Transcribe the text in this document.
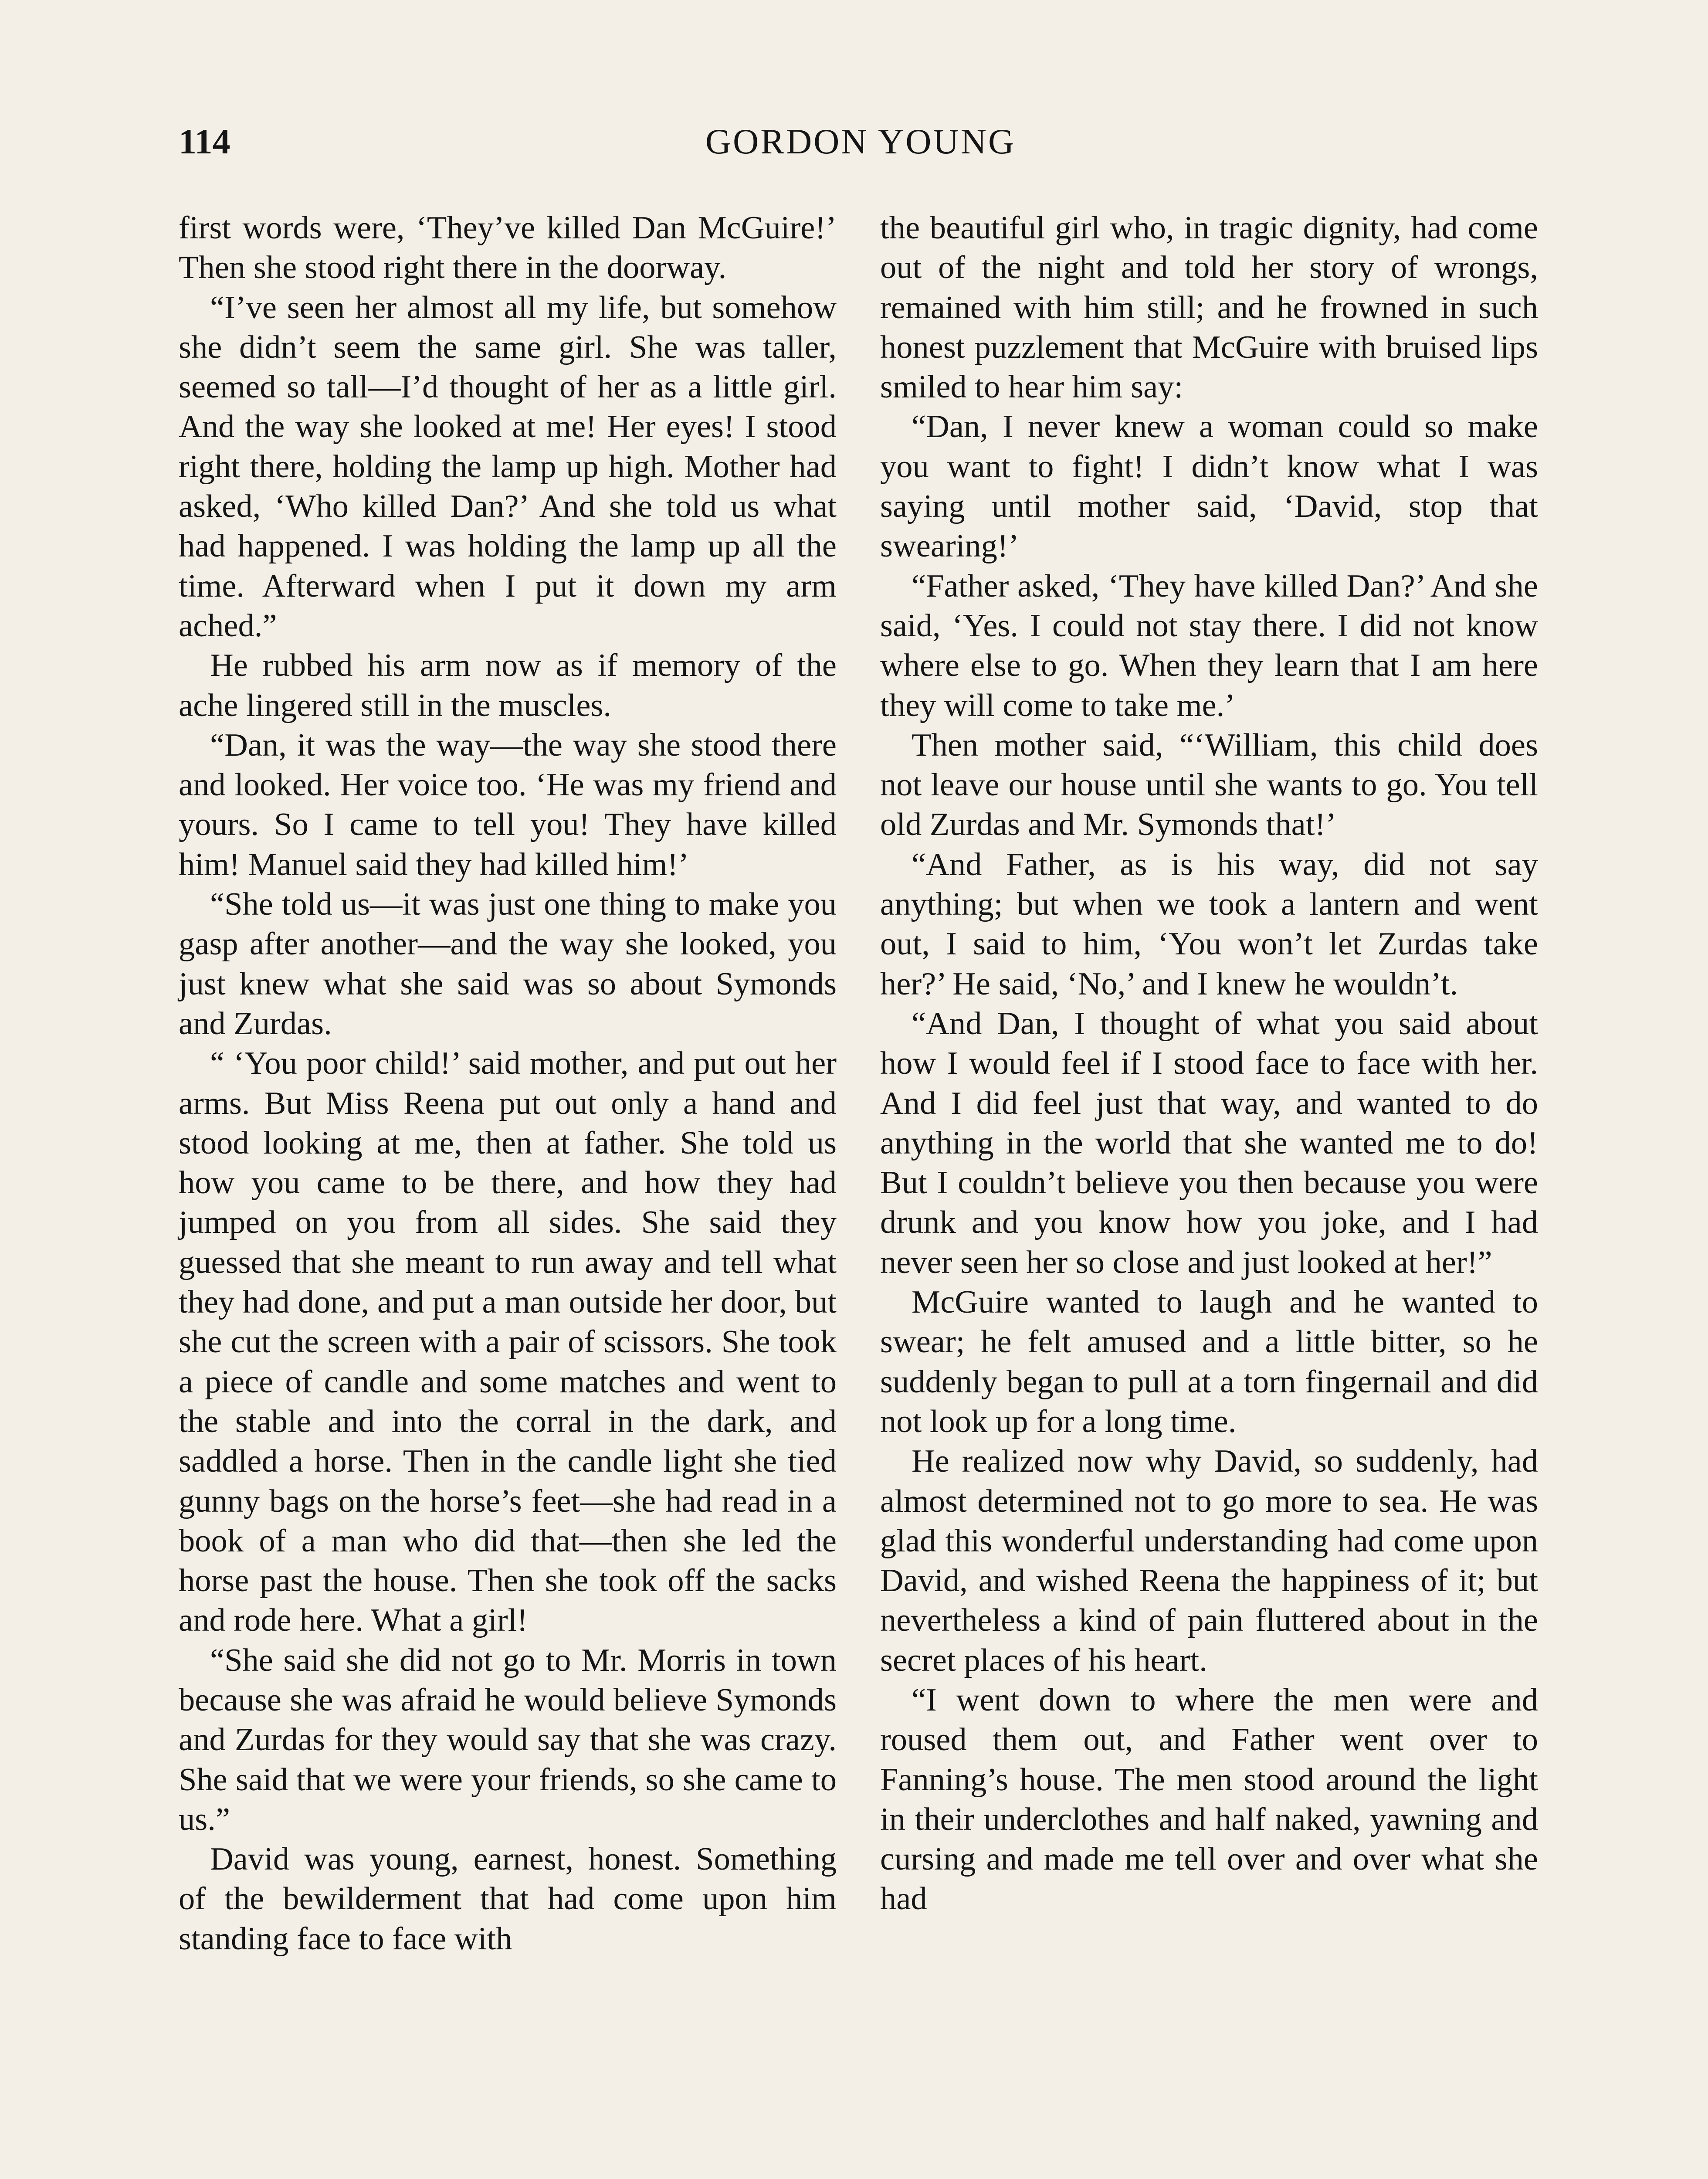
114	GORDON YOUNG

first words were, ‘They’ve killed Dan McGuire!’ Then she stood right there in the doorway.

“I’ve seen her almost all my life, but somehow she didn’t seem the same girl. She was taller, seemed so tall—I’d thought of her as a little girl. And the way she looked at me! Her eyes! I stood right there, holding the lamp up high. Mother had asked, ‘Who killed Dan?’ And she told us what had happened. I was holding the lamp up all the time. Afterward when I put it down my arm ached.”

He rubbed his arm now as if memory of the ache lingered still in the muscles.

“Dan, it was the way—the way she stood there and looked. Her voice too. ‘He was my friend and yours. So I came to tell you! They have killed him! Manuel said they had killed him!’

“She told us—it was just one thing to make you gasp after another—and the way she looked, you just knew what she said was so about Symonds and Zurdas.

“ ‘You poor child!’ said mother, and put out her arms. But Miss Reena put out only a hand and stood looking at me, then at father. She told us how you came to be there, and how they had jumped on you from all sides. She said they guessed that she meant to run away and tell what they had done, and put a man outside her door, but she cut the screen with a pair of scissors. She took a piece of candle and some matches and went to the stable and into the corral in the dark, and saddled a horse. Then in the candle light she tied gunny bags on the horse’s feet—she had read in a book of a man who did that—then she led the horse past the house. Then she took off the sacks and rode here. What a girl!

“She said she did not go to Mr. Morris in town because she was afraid he would believe Symonds and Zurdas for they would say that she was crazy. She said that we were your friends, so she came to us.”

David was young, earnest, honest. Something of the bewilderment that had come upon him standing face to face with

the beautiful girl who, in tragic dignity, had come out of the night and told her story of wrongs, remained with him still; and he frowned in such honest puzzlement that McGuire with bruised lips smiled to hear him say:

“Dan, I never knew a woman could so make you want to fight! I didn’t know what I was saying until mother said, ‘David, stop that swearing!’

“Father asked, ‘They have killed Dan?’ And she said, ‘Yes. I could not stay there. I did not know where else to go. When they learn that I am here they will come to take me.’

Then mother said, “‘William, this child does not leave our house until she wants to go. You tell old Zurdas and Mr. Symonds that!’

“And Father, as is his way, did not say anything; but when we took a lantern and went out, I said to him, ‘You won’t let Zurdas take her?’ He said, ‘No,’ and I knew he wouldn’t.

“And Dan, I thought of what you said about how I would feel if I stood face to face with her. And I did feel just that way, and wanted to do anything in the world that she wanted me to do! But I couldn’t believe you then because you were drunk and you know how you joke, and I had never seen her so close and just looked at her!”

McGuire wanted to laugh and he wanted to swear; he felt amused and a little bitter, so he suddenly began to pull at a torn fingernail and did not look up for a long time.

He realized now why David, so suddenly, had almost determined not to go more to sea. He was glad this wonderful understanding had come upon David, and wished Reena the happiness of it; but nevertheless a kind of pain fluttered about in the secret places of his heart.

“I went down to where the men were and roused them out, and Father went over to Fanning’s house. The men stood around the light in their underclothes and half naked, yawning and cursing and made me tell over and over what she had
